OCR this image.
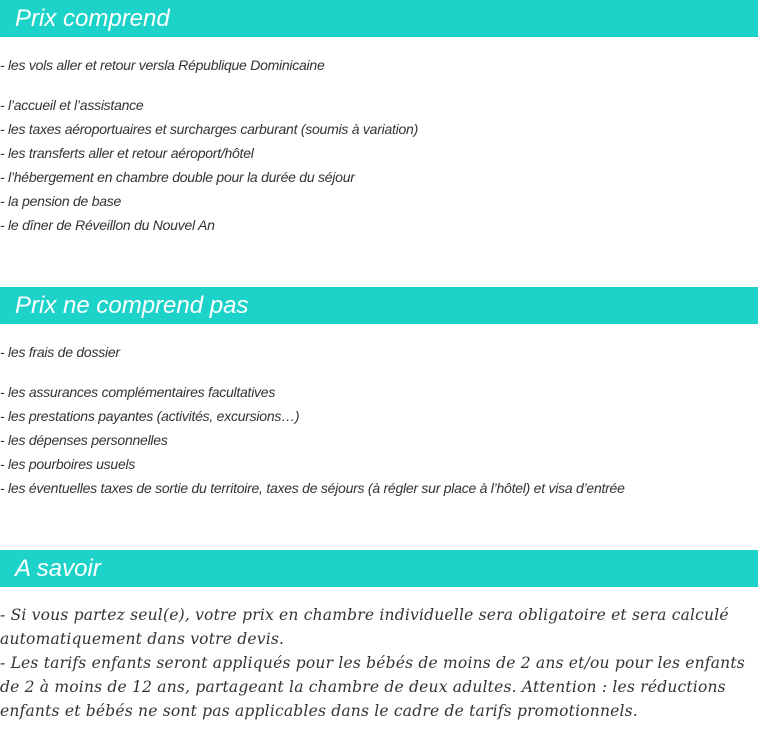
Prix comprend
- les vols aller et retour versla République Dominicaine
- l’accueil et l’assistance
- les taxes aéroportuaires et surcharges carburant (soumis à variation)
- les transferts aller et retour aéroport/hôtel
- l’hébergement en chambre double pour la durée du séjour
- la pension de base
- le dîner de Réveillon du Nouvel An
Prix ne comprend pas
- les frais de dossier
- les assurances complémentaires facultatives
- les prestations payantes (activités, excursions…)
- les dépenses personnelles
- les pourboires usuels
- les éventuelles taxes de sortie du territoire, taxes de séjours (à régler sur place à l’hôtel) et visa d’entrée
A savoir

- Si vous partez seul(e), votre prix en chambre individuelle sera obligatoire et sera calculé automatiquement dans votre devis.

- Les tarifs enfants seront appliqués pour les bébés de moins de 2 ans et/ou pour les enfants de 2 à moins de 12 ans, partageant la chambre de deux adultes. Attention : les réductions enfants et bébés ne sont pas applicables dans le cadre de tarifs promotionnels.
